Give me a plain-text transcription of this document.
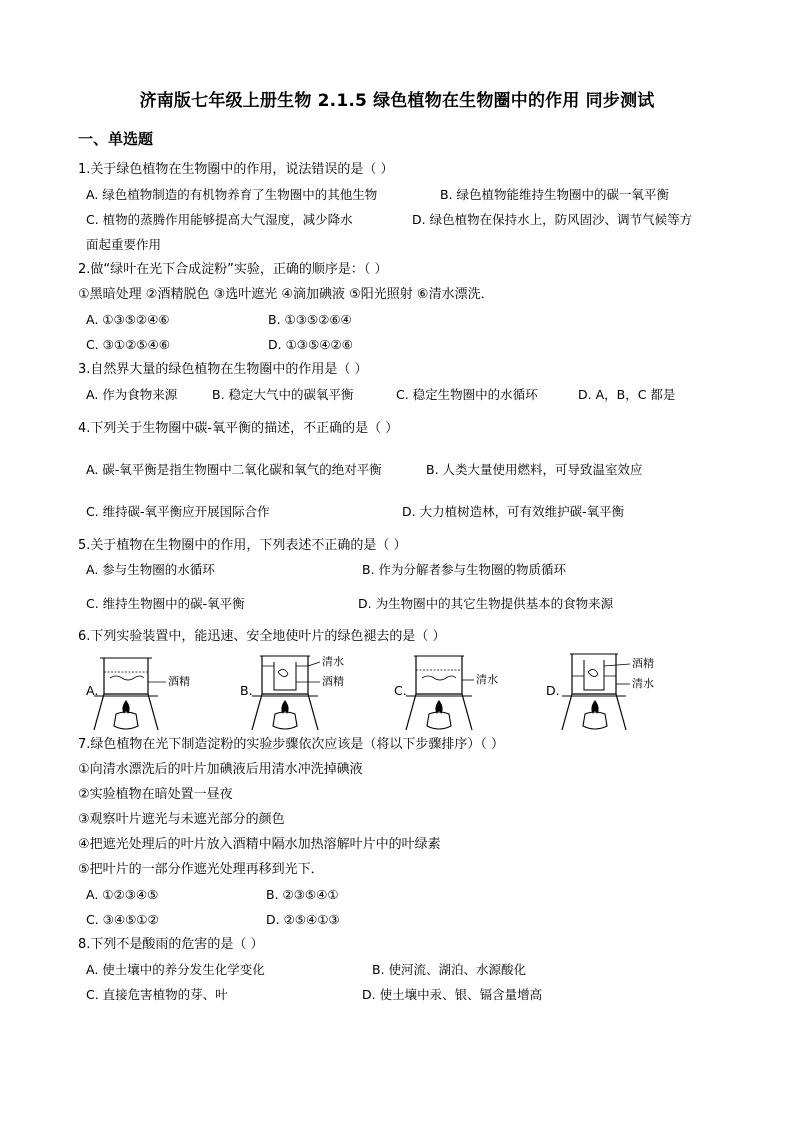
济南版七年级上册生物 2.1.5 绿色植物在生物圈中的作用 同步测试
一、单选题
1.关于绿色植物在生物圈中的作用，说法错误的是（ ）
A. 绿色植物制造的有机物养育了生物圈中的其他生物	B. 绿色植物能维持生物圈中的碳一氧平衡
C. 植物的蒸腾作用能够提高大气湿度，减少降水	D. 绿色植物在保持水上，防风固沙、调节气候等方
面起重要作用
2.做“绿叶在光下合成淀粉”实验，正确的顺序是：（ ）
①黑暗处理 ②酒精脱色 ③选叶遮光 ④滴加碘液 ⑤阳光照射 ⑥清水漂洗．
A. ①③⑤②④⑥	B. ①③⑤②⑥④
C. ③①②⑤④⑥	D. ①③⑤④②⑥
3.自然界大量的绿色植物在生物圈中的作用是（ ）
A. 作为食物来源	B. 稳定大气中的碳氧平衡	C. 稳定生物圈中的水循环	D. A，B，C 都是
4.下列关于生物圈中碳-氧平衡的描述，不正确的是（ ）
A. 碳-氧平衡是指生物圈中二氧化碳和氧气的绝对平衡	B. 人类大量使用燃料，可导致温室效应
C. 维持碳-氧平衡应开展国际合作	D. 大力植树造林，可有效维护碳-氧平衡
5.关于植物在生物圈中的作用，下列表述不正确的是（ ）
A. 参与生物圈的水循环	B. 作为分解者参与生物圈的物质循环
C. 维持生物圈中的碳-氧平衡	D. 为生物圈中的其它生物提供基本的食物来源
6.下列实验装置中，能迅速、安全地使叶片的绿色褪去的是（ ）
A.
酒精
B.
清水
酒精
C.
清水
D.
酒精
清水
7.绿色植物在光下制造淀粉的实验步骤依次应该是（将以下步骤排序）（ ）
①向清水漂洗后的叶片加碘液后用清水冲洗掉碘液
②实验植物在暗处置一昼夜
③观察叶片遮光与未遮光部分的颜色
④把遮光处理后的叶片放入酒精中隔水加热溶解叶片中的叶绿素
⑤把叶片的一部分作遮光处理再移到光下．
A. ①②③④⑤	B. ②③⑤④①
C. ③④⑤①②	D. ②⑤④①③
8.下列不是酸雨的危害的是（ ）
A. 使土壤中的养分发生化学变化	B. 使河流、湖泊、水源酸化
C. 直接危害植物的芽、叶	D. 使土壤中汞、银、镉含量增高
